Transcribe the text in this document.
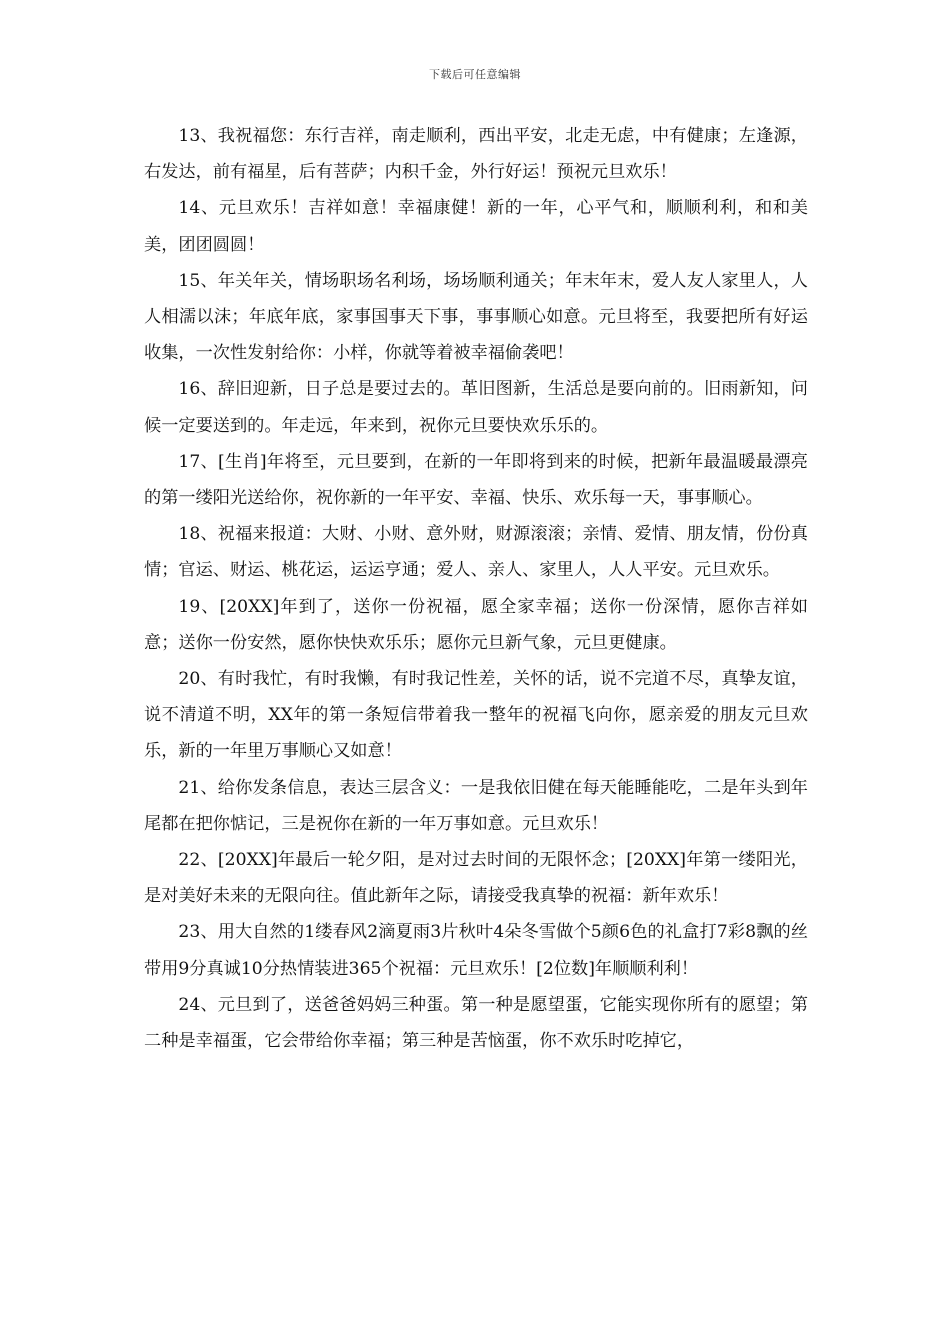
下载后可任意编辑

13、我祝福您：东行吉祥，南走顺利，西出平安，北走无虑，中有健康；左逢源，右发达，前有福星，后有菩萨；内积千金，外行好运！预祝元旦欢乐！

14、元旦欢乐！吉祥如意！幸福康健！新的一年，心平气和，顺顺利利，和和美美，团团圆圆！

15、年关年关，情场职场名利场，场场顺利通关；年末年末，爱人友人家里人，人人相濡以沫；年底年底，家事国事天下事，事事顺心如意。元旦将至，我要把所有好运收集，一次性发射给你：小样，你就等着被幸福偷袭吧！

16、辞旧迎新，日子总是要过去的。革旧图新，生活总是要向前的。旧雨新知，问候一定要送到的。年走远，年来到，祝你元旦要快欢乐乐的。

17、[生肖]年将至，元旦要到，在新的一年即将到来的时候，把新年最温暖最漂亮的第一缕阳光送给你，祝你新的一年平安、幸福、快乐、欢乐每一天，事事顺心。

18、祝福来报道：大财、小财、意外财，财源滚滚；亲情、爱情、朋友情，份份真情；官运、财运、桃花运，运运亨通；爱人、亲人、家里人，人人平安。元旦欢乐。

19、[20XX]年到了，送你一份祝福，愿全家幸福；送你一份深情，愿你吉祥如意；送你一份安然，愿你快快欢乐乐；愿你元旦新气象，元旦更健康。

20、有时我忙，有时我懒，有时我记性差，关怀的话，说不完道不尽，真挚友谊，说不清道不明，XX年的第一条短信带着我一整年的祝福飞向你，愿亲爱的朋友元旦欢乐，新的一年里万事顺心又如意！

21、给你发条信息，表达三层含义：一是我依旧健在每天能睡能吃，二是年头到年尾都在把你惦记，三是祝你在新的一年万事如意。元旦欢乐！

22、[20XX]年最后一轮夕阳，是对过去时间的无限怀念；[20XX]年第一缕阳光，是对美好未来的无限向往。值此新年之际，请接受我真挚的祝福：新年欢乐！

23、用大自然的1缕春风2滴夏雨3片秋叶4朵冬雪做个5颜6色的礼盒打7彩8飘的丝带用9分真诚10分热情装进365个祝福：元旦欢乐！[2位数]年顺顺利利！

24、元旦到了，送爸爸妈妈三种蛋。第一种是愿望蛋，它能实现你所有的愿望；第二种是幸福蛋，它会带给你幸福；第三种是苦恼蛋，你不欢乐时吃掉它，
